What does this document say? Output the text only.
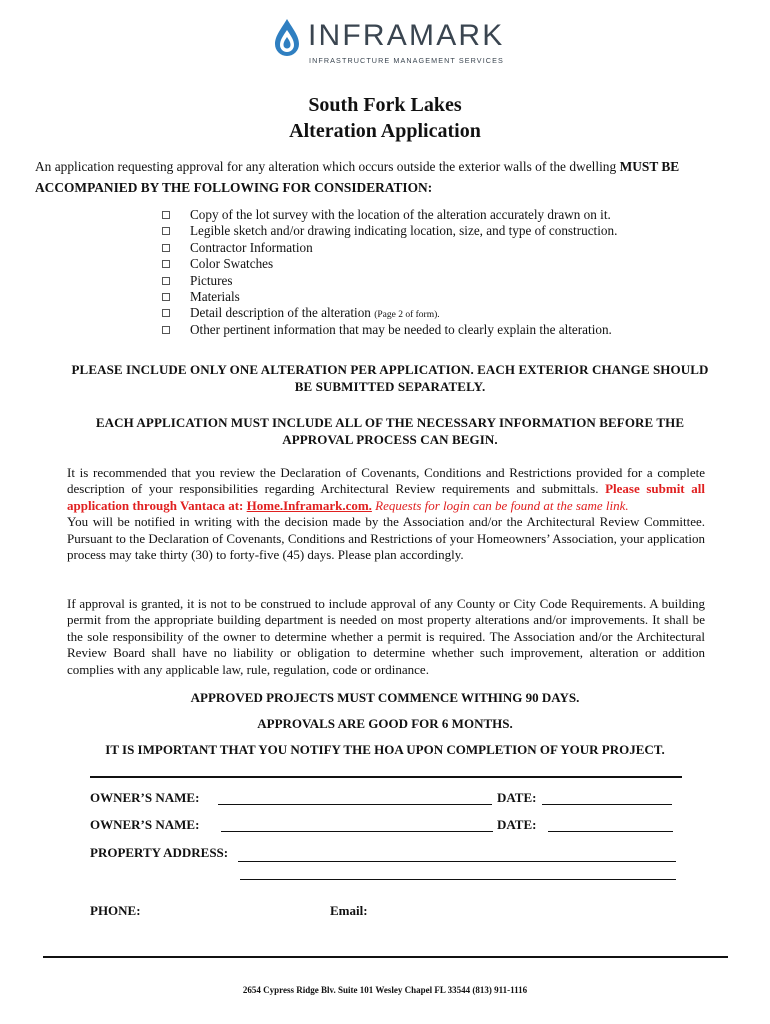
INFRAMARK
INFRASTRUCTURE MANAGEMENT SERVICES
South Fork Lakes
Alteration Application
An application requesting approval for any alteration which occurs outside the exterior walls of the dwelling MUST BE ACCOMPANIED BY THE FOLLOWING FOR CONSIDERATION:
Copy of the lot survey with the location of the alteration accurately drawn on it.
Legible sketch and/or drawing indicating location, size, and type of construction.
Contractor Information
Color Swatches
Pictures
Materials
Detail description of the alteration (Page 2 of form).
Other pertinent information that may be needed to clearly explain the alteration.
PLEASE INCLUDE ONLY ONE ALTERATION PER APPLICATION. EACH EXTERIOR CHANGE SHOULD BE SUBMITTED SEPARATELY.
EACH APPLICATION MUST INCLUDE ALL OF THE NECESSARY INFORMATION BEFORE THE APPROVAL PROCESS CAN BEGIN.
It is recommended that you review the Declaration of Covenants, Conditions and Restrictions provided for a complete description of your responsibilities regarding Architectural Review requirements and submittals. Please submit all application through Vantaca at: Home.Inframark.com. Requests for login can be found at the same link.
You will be notified in writing with the decision made by the Association and/or the Architectural Review Committee. Pursuant to the Declaration of Covenants, Conditions and Restrictions of your Homeowners’ Association, your application process may take thirty (30) to forty-five (45) days. Please plan accordingly.
If approval is granted, it is not to be construed to include approval of any County or City Code Requirements. A building permit from the appropriate building department is needed on most property alterations and/or improvements. It shall be the sole responsibility of the owner to determine whether a permit is required. The Association and/or the Architectural Review Board shall have no liability or obligation to determine whether such improvement, alteration or addition complies with any applicable law, rule, regulation, code or ordinance.
APPROVED PROJECTS MUST COMMENCE WITHING 90 DAYS.
APPROVALS ARE GOOD FOR 6 MONTHS.
IT IS IMPORTANT THAT YOU NOTIFY THE HOA UPON COMPLETION OF YOUR PROJECT.
OWNER’S NAME:	DATE:
OWNER’S NAME:	DATE:
PROPERTY ADDRESS:
PHONE:	Email:
2654 Cypress Ridge Blv. Suite 101 Wesley Chapel FL 33544 (813) 911-1116
